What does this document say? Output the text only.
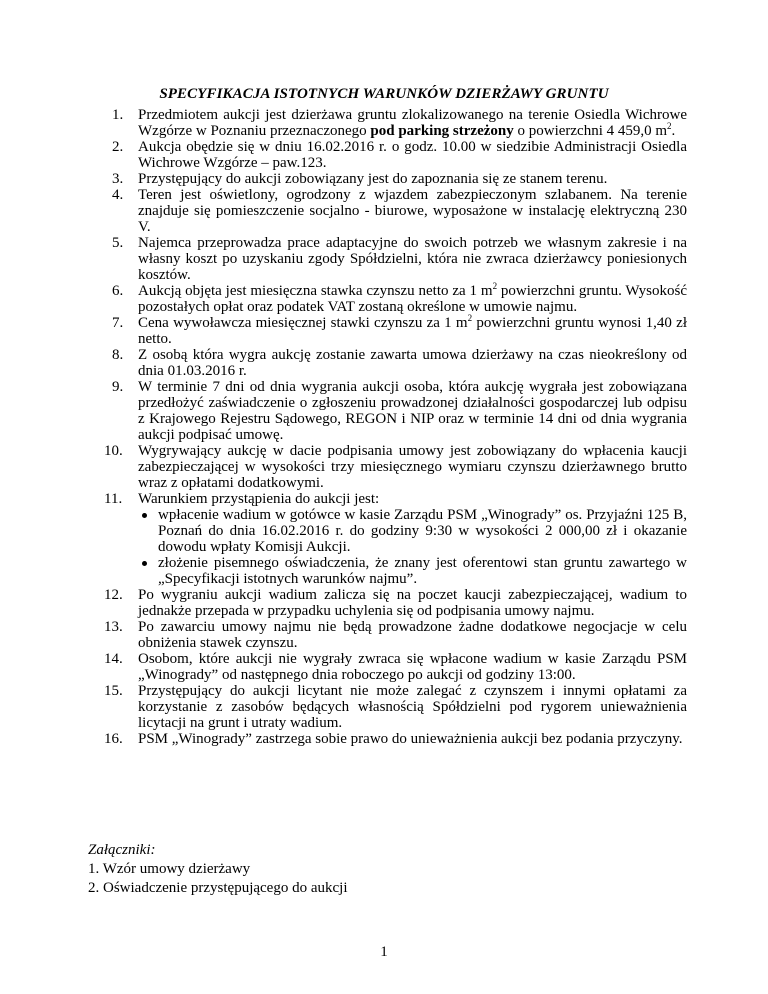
SPECYFIKACJA ISTOTNYCH WARUNKÓW DZIERŻAWY GRUNTU
1. Przedmiotem aukcji jest dzierżawa gruntu zlokalizowanego na terenie Osiedla Wichrowe Wzgórze w Poznaniu przeznaczonego pod parking strzeżony o powierzchni 4 459,0 $m^2$.
2. Aukcja obędzie się w dniu 16.02.2016 r. o godz. 10.00 w siedzibie Administracji Osiedla Wichrowe Wzgórze – paw.123.
3. Przystępujący do aukcji zobowiązany jest do zapoznania się ze stanem terenu.
4. Teren jest oświetlony, ogrodzony z wjazdem zabezpieczonym szlabanem. Na terenie znajduje się pomieszczenie socjalno - biurowe, wyposażone w instalację elektryczną 230 V.
5. Najemca przeprowadza prace adaptacyjne do swoich potrzeb we własnym zakresie i na własny koszt po uzyskaniu zgody Spółdzielni, która nie zwraca dzierżawcy poniesionych kosztów.
6. Aukcją objęta jest miesięczna stawka czynszu netto za 1 $m^2$ powierzchni gruntu. Wysokość pozostałych opłat oraz podatek VAT zostaną określone w umowie najmu.
7. Cena wywoławcza miesięcznej stawki czynszu za 1 $m^2$ powierzchni gruntu wynosi 1,40 zł netto.
8. Z osobą która wygra aukcję zostanie zawarta umowa dzierżawy na czas nieokreślony od dnia 01.03.2016 r.
9. W terminie 7 dni od dnia wygrania aukcji osoba, która aukcję wygrała jest zobowiązana przedłożyć zaświadczenie o zgłoszeniu prowadzonej działalności gospodarczej lub odpisu z Krajowego Rejestru Sądowego, REGON i NIP oraz w terminie 14 dni od dnia wygrania aukcji podpisać umowę.
10. Wygrywający aukcję w dacie podpisania umowy jest zobowiązany do wpłacenia kaucji zabezpieczającej w wysokości trzy miesięcznego wymiaru czynszu dzierżawnego brutto wraz z opłatami dodatkowymi.
11. Warunkiem przystąpienia do aukcji jest:
wpłacenie wadium w gotówce w kasie Zarządu PSM „Winogrady” os. Przyjaźni 125 B, Poznań do dnia 16.02.2016 r. do godziny 9:30 w wysokości 2 000,00 zł i okazanie dowodu wpłaty Komisji Aukcji.
złożenie pisemnego oświadczenia, że znany jest oferentowi stan gruntu zawartego w „Specyfikacji istotnych warunków najmu”.
12. Po wygraniu aukcji wadium zalicza się na poczet kaucji zabezpieczającej, wadium to jednakże przepada w przypadku uchylenia się od podpisania umowy najmu.
13. Po zawarciu umowy najmu nie będą prowadzone żadne dodatkowe negocjacje w celu obniżenia stawek czynszu.
14. Osobom, które aukcji nie wygrały zwraca się wpłacone wadium w kasie Zarządu PSM „Winogrady” od następnego dnia roboczego po aukcji od godziny 13:00.
15. Przystępujący do aukcji licytant nie może zalegać z czynszem i innymi opłatami za korzystanie z zasobów będących własnością Spółdzielni pod rygorem unieważnienia licytacji na grunt i utraty wadium.
16. PSM „Winogrady” zastrzega sobie prawo do unieważnienia aukcji bez podania przyczyny.
Załączniki:
1. Wzór umowy dzierżawy
2. Oświadczenie przystępującego do aukcji
1
